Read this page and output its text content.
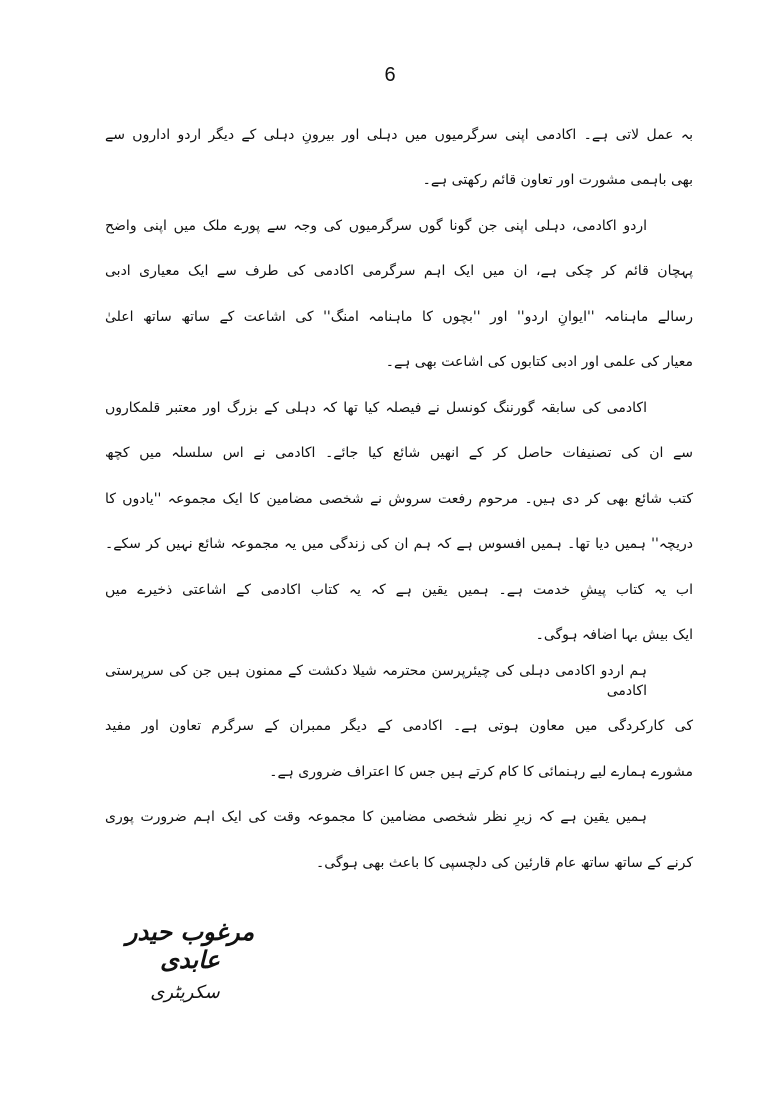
6
بہ عمل لاتی ہے۔ اکادمی اپنی سرگرمیوں میں دہلی اور بیرونِ دہلی کے دیگر اردو اداروں سے
بھی باہمی مشورت اور تعاون قائم رکھتی ہے۔
اردو اکادمی، دہلی اپنی جن گونا گوں سرگرمیوں کی وجہ سے پورے ملک میں اپنی واضح
پہچان قائم کر چکی ہے، ان میں ایک اہم سرگرمی اکادمی کی طرف سے ایک معیاری ادبی
رسالے ماہنامہ ''ایوانِ اردو'' اور ''بچوں کا ماہنامہ امنگ'' کی اشاعت کے ساتھ ساتھ اعلیٰ
معیار کی علمی اور ادبی کتابوں کی اشاعت بھی ہے۔
اکادمی کی سابقہ گورننگ کونسل نے فیصلہ کیا تھا کہ دہلی کے بزرگ اور معتبر قلمکاروں
سے ان کی تصنیفات حاصل کر کے انھیں شائع کیا جائے۔ اکادمی نے اس سلسلہ میں کچھ
کتب شائع بھی کر دی ہیں۔ مرحوم رفعت سروش نے شخصی مضامین کا ایک مجموعہ ''یادوں کا
دریچہ'' ہمیں دیا تھا۔ ہمیں افسوس ہے کہ ہم ان کی زندگی میں یہ مجموعہ شائع نہیں کر سکے۔
اب یہ کتاب پیشِ خدمت ہے۔ ہمیں یقین ہے کہ یہ کتاب اکادمی کے اشاعتی ذخیرے میں
ایک بیش بہا اضافہ ہوگی۔
ہم اردو اکادمی دہلی کی چیئرپرسن محترمہ شیلا دکشت کے ممنون ہیں جن کی سرپرستی اکادمی
کی کارکردگی میں معاون ہوتی ہے۔ اکادمی کے دیگر ممبران کے سرگرم تعاون اور مفید
مشورے ہمارے لیے رہنمائی کا کام کرتے ہیں جس کا اعتراف ضروری ہے۔
ہمیں یقین ہے کہ زیرِ نظر شخصی مضامین کا مجموعہ وقت کی ایک اہم ضرورت پوری
کرنے کے ساتھ ساتھ عام قارئین کی دلچسپی کا باعث بھی ہوگی۔
مرغوب حیدر عابدی
سکریٹری
